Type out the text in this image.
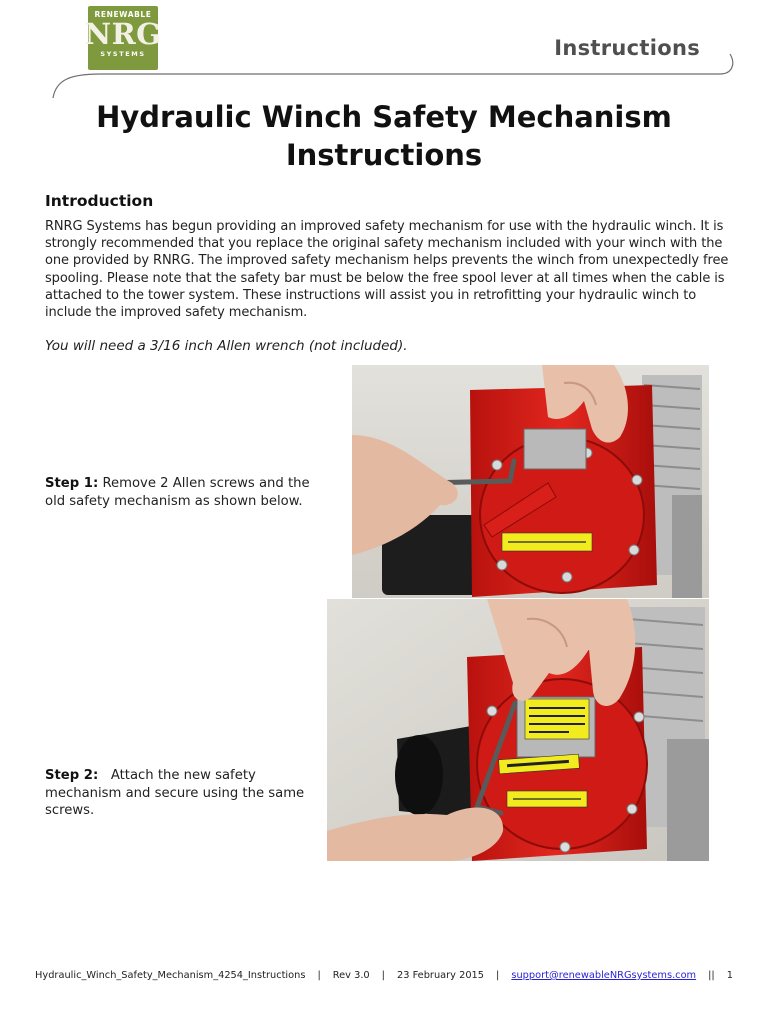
RENEWABLE
NRG
SYSTEMS	Instructions
Hydraulic Winch Safety Mechanism
Instructions
Introduction
RNRG Systems has begun providing an improved safety mechanism for use with the hydraulic winch. It is strongly recommended that you replace the original safety mechanism included with your winch with the one provided by RNRG. The improved safety mechanism helps prevents the winch from unexpectedly free spooling. Please note that the safety bar must be below the free spool lever at all times when the cable is attached to the tower system. These instructions will assist you in retrofitting your hydraulic winch to include the improved safety mechanism.
You will need a 3/16 inch Allen wrench (not included).
Step 1: Remove 2 Allen screws and the old safety mechanism as shown below.
Step 2: Attach the new safety mechanism and secure using the same screws.
Hydraulic_Winch_Safety_Mechanism_4254_Instructions | Rev 3.0 | 23 February 2015 | support@renewableNRGsystems.com || 1
